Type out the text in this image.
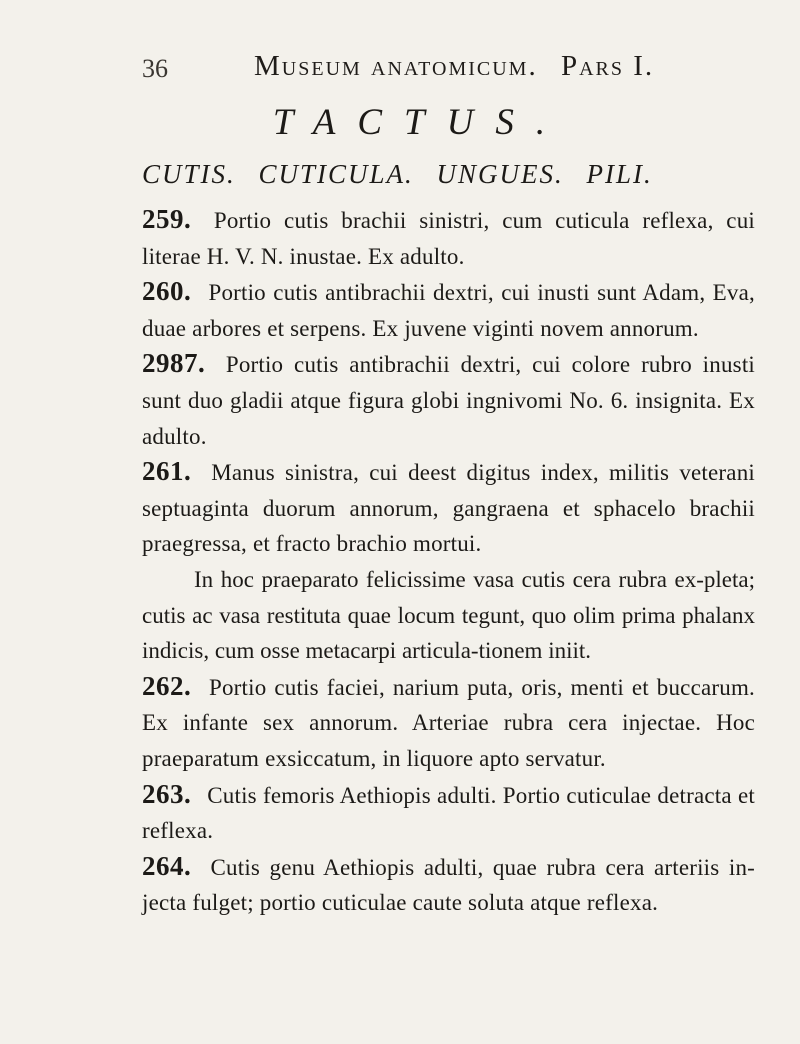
36	Museum anatomicum. Pars I.
TACTUS.
CUTIS. CUTICULA. UNGUES. PILI.

259. Portio cutis brachii sinistri, cum cuticula reflexa, cui literae H. V. N. inustae. Ex adulto.

260. Portio cutis antibrachii dextri, cui inusti sunt Adam, Eva, duae arbores et serpens. Ex juvene viginti novem annorum.

2987. Portio cutis antibrachii dextri, cui colore rubro inusti sunt duo gladii atque figura globi ingnivomi No. 6. insignita. Ex adulto.

261. Manus sinistra, cui deest digitus index, militis veterani septuaginta duorum annorum, gangraena et sphacelo brachii praegressa, et fracto brachio mortui.
In hoc praeparato felicissime vasa cutis cera rubra ex-pleta; cutis ac vasa restituta quae locum tegunt, quo olim prima phalanx indicis, cum osse metacarpi articula-tionem iniit.

262. Portio cutis faciei, narium puta, oris, menti et buccarum. Ex infante sex annorum. Arteriae rubra cera injectae. Hoc praeparatum exsiccatum, in liquore apto servatur.

263. Cutis femoris Aethiopis adulti. Portio cuticulae detracta et reflexa.

264. Cutis genu Aethiopis adulti, quae rubra cera arteriis in-jecta fulget; portio cuticulae caute soluta atque reflexa.
